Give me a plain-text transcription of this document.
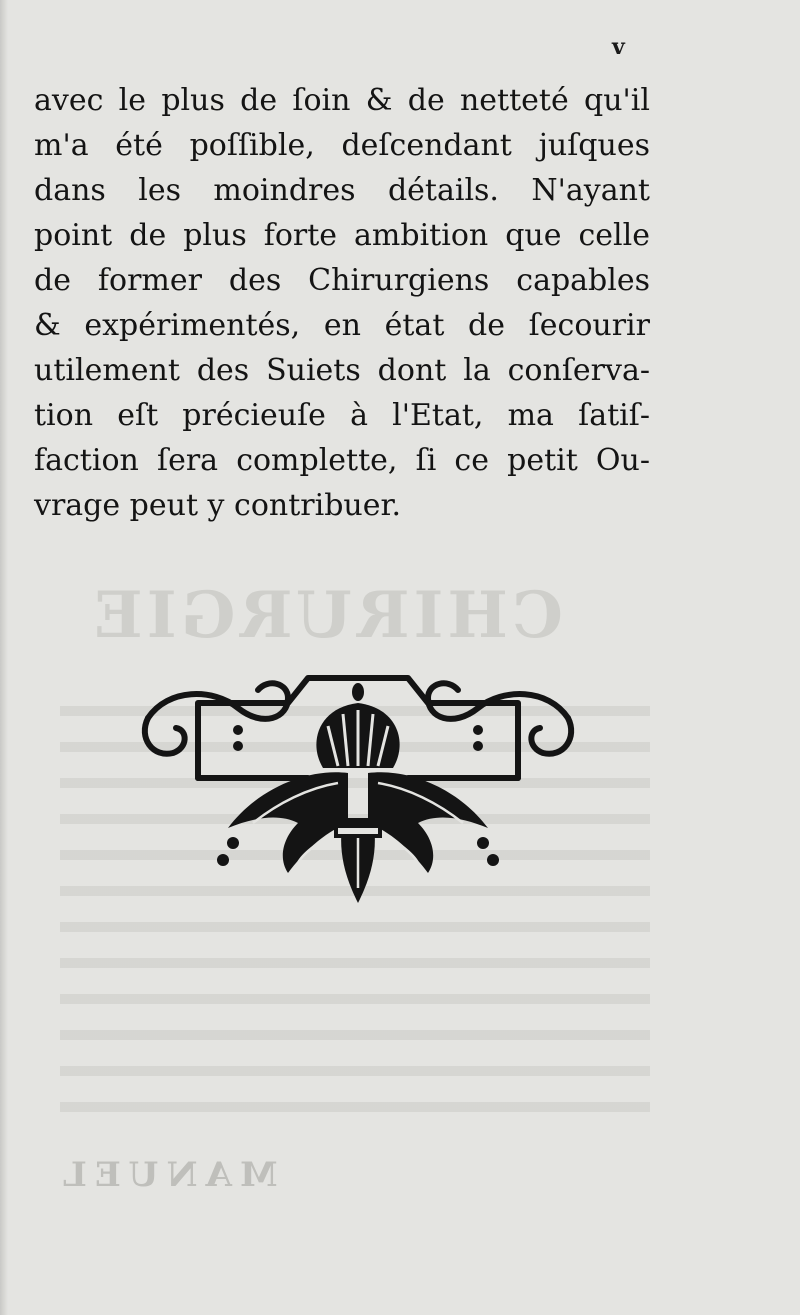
CHIRURGIE
MANUEL
v
avec le plus de ſoin & de netteté qu'il
m'a été poſſible, deſcendant juſques
dans les moindres détails. N'ayant
point de plus forte ambition que celle
de former des Chirurgiens capables
& expérimentés, en état de ſecourir
utilement des Suiets dont la conſerva-
tion eſt précieuſe à l'Etat, ma ſatiſ-
faction ſera complette, ſi ce petit Ou-
vrage peut y contribuer.
